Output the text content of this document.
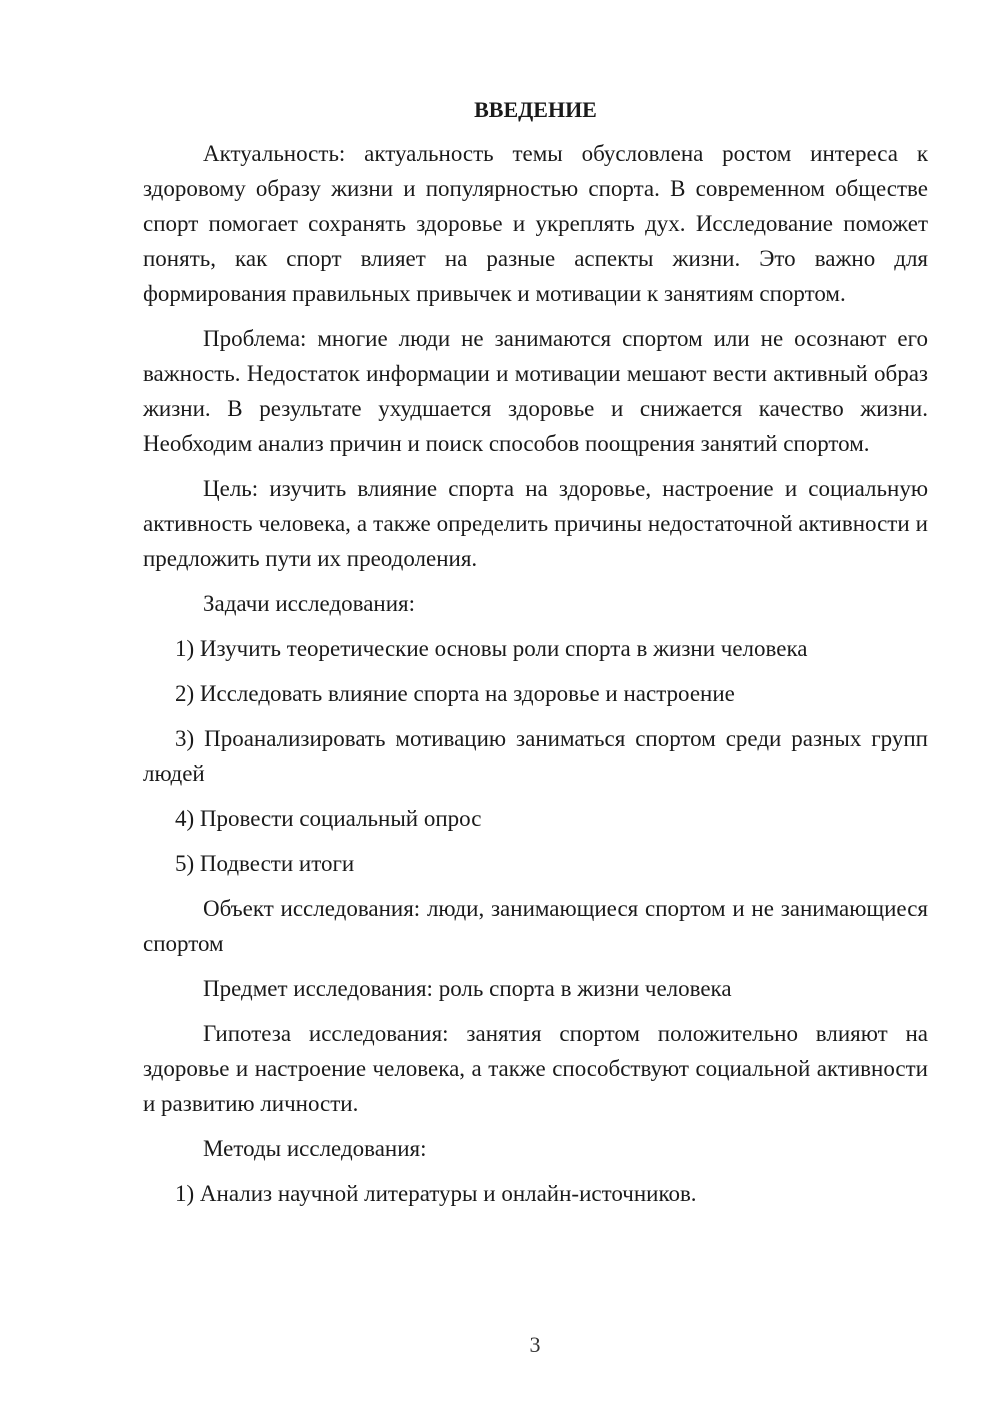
ВВЕДЕНИЕ

Актуальность: актуальность темы обусловлена ростом интереса к здоровому образу жизни и популярностью спорта. В современном обществе спорт помогает сохранять здоровье и укреплять дух. Исследование поможет понять, как спорт влияет на разные аспекты жизни. Это важно для формирования правильных привычек и мотивации к занятиям спортом.

Проблема: многие люди не занимаются спортом или не осознают его важность. Недостаток информации и мотивации мешают вести активный образ жизни. В результате ухудшается здоровье и снижается качество жизни. Необходим анализ причин и поиск способов поощрения занятий спортом.

Цель: изучить влияние спорта на здоровье, настроение и социальную активность человека, а также определить причины недостаточной активности и предложить пути их преодоления.

Задачи исследования:

1) Изучить теоретические основы роли спорта в жизни человека

2) Исследовать влияние спорта на здоровье и настроение

3) Проанализировать мотивацию заниматься спортом среди разных групп людей

4) Провести социальный опрос

5) Подвести итоги

Объект исследования: люди, занимающиеся спортом и не занимающиеся спортом

Предмет исследования: роль спорта в жизни человека

Гипотеза исследования: занятия спортом положительно влияют на здоровье и настроение человека, а также способствуют социальной активности и развитию личности.

Методы исследования:

1) Анализ научной литературы и онлайн-источников.

3
